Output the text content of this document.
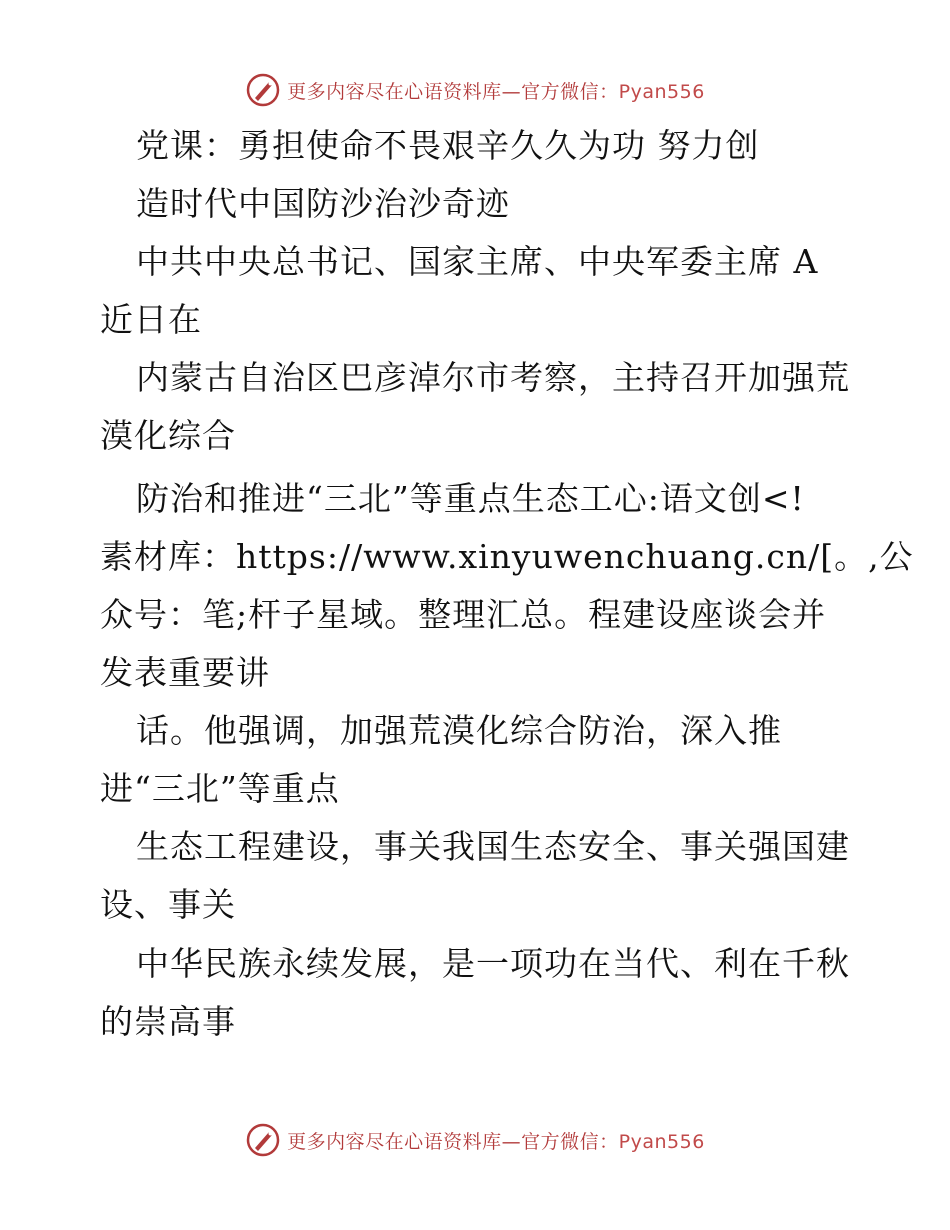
更多内容尽在心语资料库—官方微信：Pyan556
党课：勇担使命不畏艰辛久久为功 努力创
造时代中国防沙治沙奇迹
中共中央总书记、国家主席、中央军委主席 A
近日在
内蒙古自治区巴彦淖尔市考察，主持召开加强荒
漠化综合
防治和推进“三北”等重点生态工心:语文创<!
素材库：https://www.xinyuwenchuang.cn/[。,公
众号：笔;杆子星域。整理汇总。程建设座谈会并
发表重要讲
话。他强调，加强荒漠化综合防治，深入推
进“三北”等重点
生态工程建设，事关我国生态安全、事关强国建
设、事关
中华民族永续发展，是一项功在当代、利在千秋
的崇高事
更多内容尽在心语资料库—官方微信：Pyan556
